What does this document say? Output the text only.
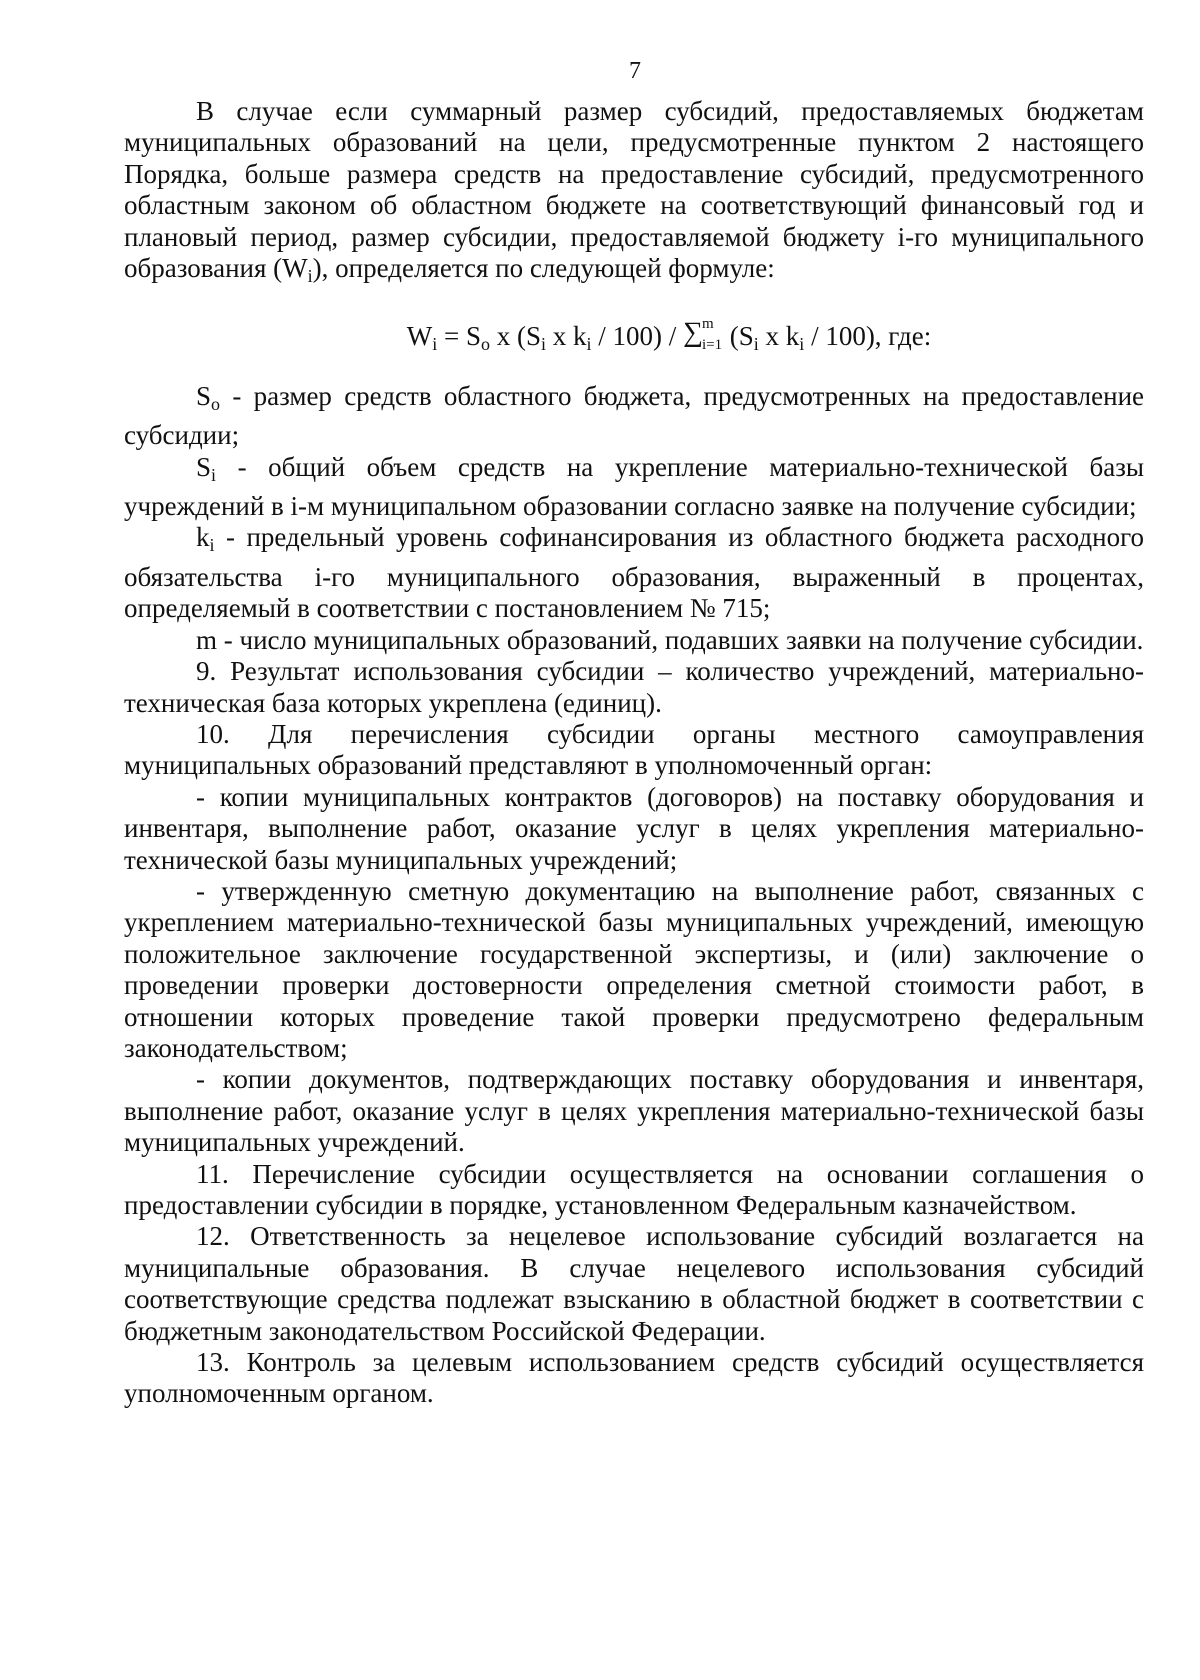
7

В случае если суммарный размер субсидий, предоставляемых бюджетам муниципальных образований на цели, предусмотренные пунктом 2 настоящего Порядка, больше размера средств на предоставление субсидий, предусмотренного областным законом об областном бюджете на соответствующий финансовый год и плановый период, размер субсидии, предоставляемой бюджету i-го муниципального образования $(W_i)$, определяется по следующей формуле:

$W_i = S_o$ x ($S_i$ x $k_i / 100$) / ∑ m
i=1 ($S_i$ x $k_i / 100$), где:

$S_o$ - размер средств областного бюджета, предусмотренных на предоставление субсидии;

$S_i$ - общий объем средств на укрепление материально-технической базы учреждений в i-м муниципальном образовании согласно заявке на получение субсидии;

$k_i$ - предельный уровень софинансирования из областного бюджета расходного обязательства i-го муниципального образования, выраженный в процентах, определяемый в соответствии с постановлением № 715;

m - число муниципальных образований, подавших заявки на получение субсидии.

9. Результат использования субсидии – количество учреждений, материально-техническая база которых укреплена (единиц).

10. Для перечисления субсидии органы местного самоуправления муниципальных образований представляют в уполномоченный орган:

- копии муниципальных контрактов (договоров) на поставку оборудования и инвентаря, выполнение работ, оказание услуг в целях укрепления материально-технической базы муниципальных учреждений;

- утвержденную сметную документацию на выполнение работ, связанных с укреплением материально-технической базы муниципальных учреждений, имеющую положительное заключение государственной экспертизы, и (или) заключение о проведении проверки достоверности определения сметной стоимости работ, в отношении которых проведение такой проверки предусмотрено федеральным законодательством;

- копии документов, подтверждающих поставку оборудования и инвентаря, выполнение работ, оказание услуг в целях укрепления материально-технической базы муниципальных учреждений.

11. Перечисление субсидии осуществляется на основании соглашения о предоставлении субсидии в порядке, установленном Федеральным казначейством.

12. Ответственность за нецелевое использование субсидий возлагается на муниципальные образования. В случае нецелевого использования субсидий соответствующие средства подлежат взысканию в областной бюджет в соответствии с бюджетным законодательством Российской Федерации.

13. Контроль за целевым использованием средств субсидий осуществляется уполномоченным органом.
